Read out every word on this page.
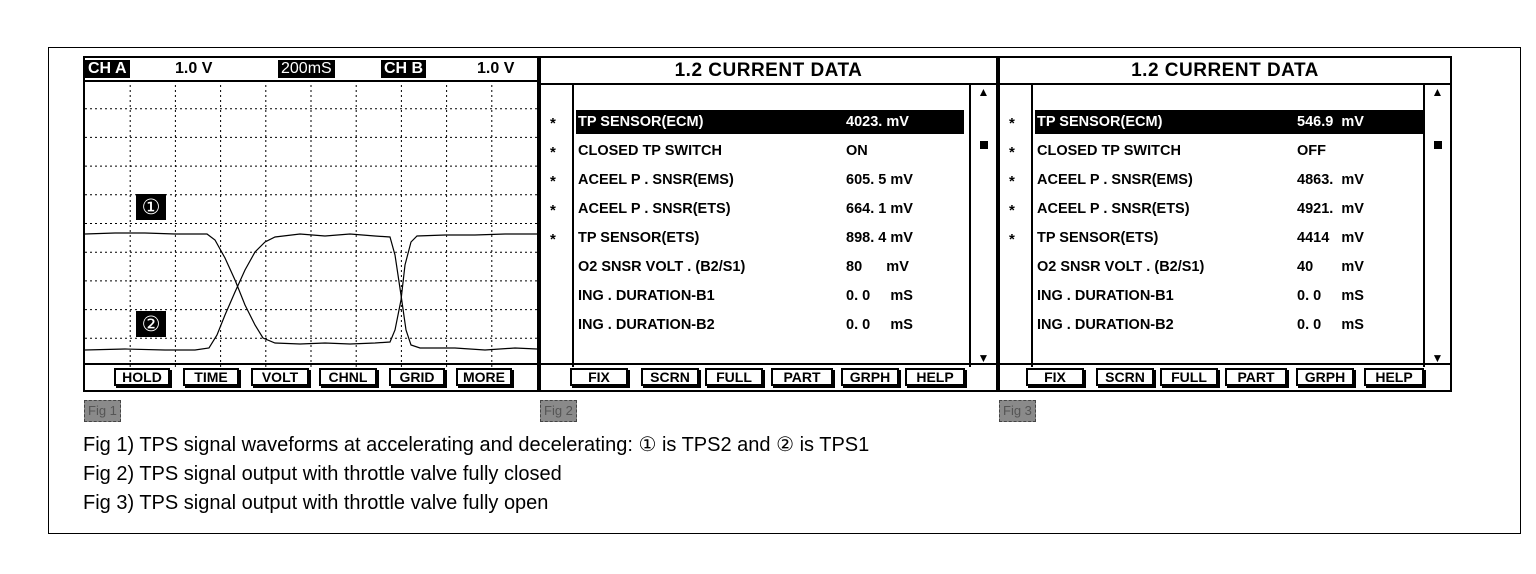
CH A	1.0 V	200mS	CH B	1.0 V
①
②
HOLD	TIME	VOLT	CHNL	GRID	MORE
1.2 CURRENT DATA
▲
▼
FIX	SCRN	FULL	PART	GRPH	HELP
* TP SENSOR(ECM)	4023. mV
* CLOSED TP SWITCH	ON
* ACEEL P . SNSR(EMS)	605. 5 mV
* ACEEL P . SNSR(ETS)	664. 1 mV
* TP SENSOR(ETS)	898. 4 mV
O2 SNSR VOLT . (B2/S1)	80      mV
ING . DURATION-B1	0. 0     mS
ING . DURATION-B2	0. 0     mS
1.2 CURRENT DATA
▲
▼
FIX	SCRN	FULL	PART	GRPH	HELP
* TP SENSOR(ECM)	546.9  mV
* CLOSED TP SWITCH	OFF
* ACEEL P . SNSR(EMS)	4863.  mV
* ACEEL P . SNSR(ETS)	4921.  mV
* TP SENSOR(ETS)	4414   mV
O2 SNSR VOLT . (B2/S1)	40       mV
ING . DURATION-B1	0. 0     mS
ING . DURATION-B2	0. 0     mS
Fig 1	Fig 2	Fig 3
Fig 1) TPS signal waveforms at accelerating and decelerating: ① is TPS2 and ② is TPS1
Fig 2) TPS signal output with throttle valve fully closed
Fig 3) TPS signal output with throttle valve fully open
